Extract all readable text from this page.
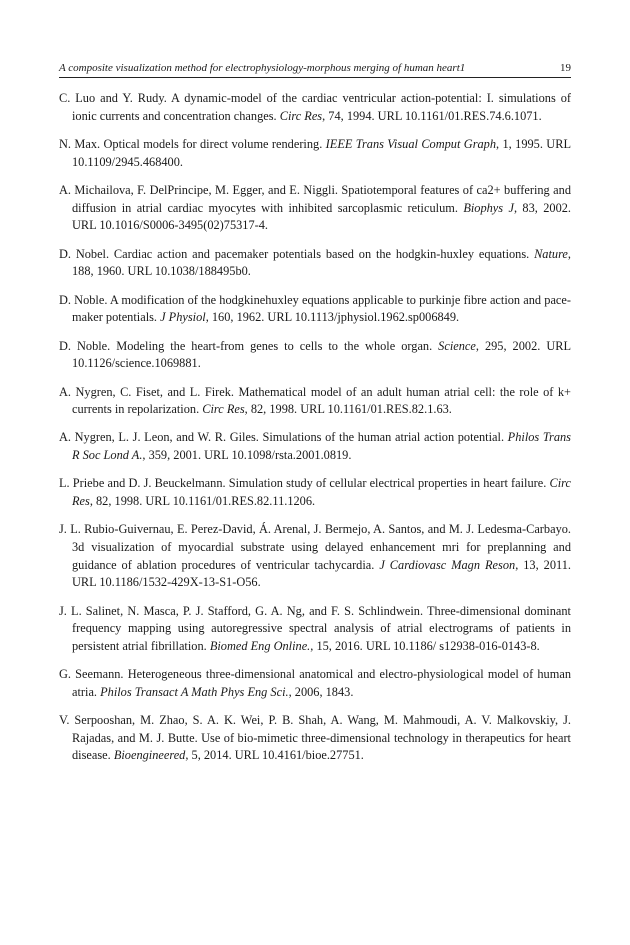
A composite visualization method for electrophysiology-morphous merging of human heart1	19

C. Luo and Y. Rudy. A dynamic-model of the cardiac ventricular action-potential: I. simulations of ionic currents and concentration changes. Circ Res, 74, 1994. URL 10.1161/01.RES.74.6.1071.

N. Max. Optical models for direct volume rendering. IEEE Trans Visual Comput Graph, 1, 1995. URL 10.1109/2945.468400.

A. Michailova, F. DelPrincipe, M. Egger, and E. Niggli. Spatiotemporal features of ca2+ buffering and diffusion in atrial cardiac myocytes with inhibited sarcoplasmic reticulum. Biophys J, 83, 2002. URL 10.1016/S0006-3495(02)75317-4.

D. Nobel. Cardiac action and pacemaker potentials based on the hodgkin-huxley equations. Nature, 188, 1960. URL 10.1038/188495b0.

D. Noble. A modification of the hodgkinehuxley equations applicable to purkinje fibre action and pace-maker potentials. J Physiol, 160, 1962. URL 10.1113/jphysiol.1962.sp006849.

D. Noble. Modeling the heart-from genes to cells to the whole organ. Science, 295, 2002. URL 10.1126/science.1069881.

A. Nygren, C. Fiset, and L. Firek. Mathematical model of an adult human atrial cell: the role of k+ currents in repolarization. Circ Res, 82, 1998. URL 10.1161/01.RES.82.1.63.

A. Nygren, L. J. Leon, and W. R. Giles. Simulations of the human atrial action potential. Philos Trans R Soc Lond A., 359, 2001. URL 10.1098/rsta.2001.0819.

L. Priebe and D. J. Beuckelmann. Simulation study of cellular electrical properties in heart failure. Circ Res, 82, 1998. URL 10.1161/01.RES.82.11.1206.

J. L. Rubio-Guivernau, E. Perez-David, Á. Arenal, J. Bermejo, A. Santos, and M. J. Ledesma-Carbayo. 3d visualization of myocardial substrate using delayed enhancement mri for preplanning and guidance of ablation procedures of ventricular tachycardia. J Cardiovasc Magn Reson, 13, 2011. URL 10.1186/1532-429X-13-S1-O56.

J. L. Salinet, N. Masca, P. J. Stafford, G. A. Ng, and F. S. Schlindwein. Three-dimensional dominant frequency mapping using autoregressive spectral analysis of atrial electrograms of patients in persistent atrial fibrillation. Biomed Eng Online., 15, 2016. URL 10.1186/ s12938-016-0143-8.

G. Seemann. Heterogeneous three-dimensional anatomical and electro-physiological model of human atria. Philos Transact A Math Phys Eng Sci., 2006, 1843.

V. Serpooshan, M. Zhao, S. A. K. Wei, P. B. Shah, A. Wang, M. Mahmoudi, A. V. Malkovskiy, J. Rajadas, and M. J. Butte. Use of bio-mimetic three-dimensional technology in therapeutics for heart disease. Bioengineered, 5, 2014. URL 10.4161/bioe.27751.
